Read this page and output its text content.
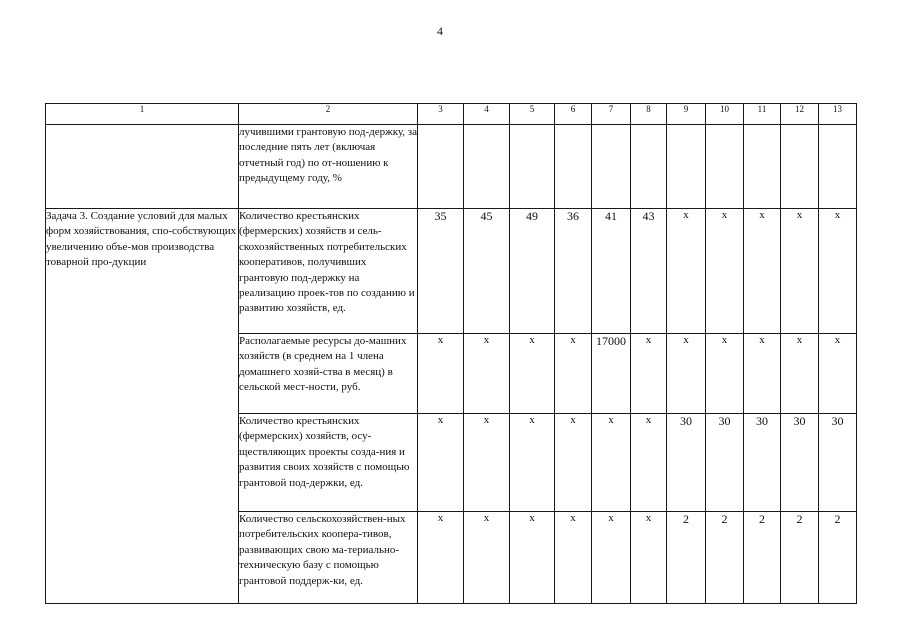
4
1	2	3	4	5	6	7	8	9	10	11	12	13
	лучившими грантовую под-держку, за последние пять лет (включая отчетный год) по от-ношению к предыдущему году, %											
Задача 3. Создание условий для малых форм хозяйствования, спо-собствующих увеличению объе-мов производства товарной про-дукции	Количество крестьянских (фермерских) хозяйств и сель-скохозяйственных потребительских кооперативов, получивших грантовую под-держку на реализацию проек-тов по созданию и развитию хозяйств, ед.	35	45	49	36	41	43	x	x	x	x	x
	Располагаемые ресурсы до-машних хозяйств (в среднем на 1 члена домашнего хозяй-ства в месяц) в сельской мест-ности, руб.	x	x	x	x	17000	x	x	x	x	x	x
	Количество крестьянских (фермерских) хозяйств, осу-ществляющих проекты созда-ния и развития своих хозяйств с помощью грантовой под-держки, ед.	x	x	x	x	x	x	30	30	30	30	30
	Количество сельскохозяйствен-ных потребительских коопера-тивов, развивающих свою ма-териально-техническую базу с помощью грантовой поддерж-ки, ед.	x	x	x	x	x	x	2	2	2	2	2
